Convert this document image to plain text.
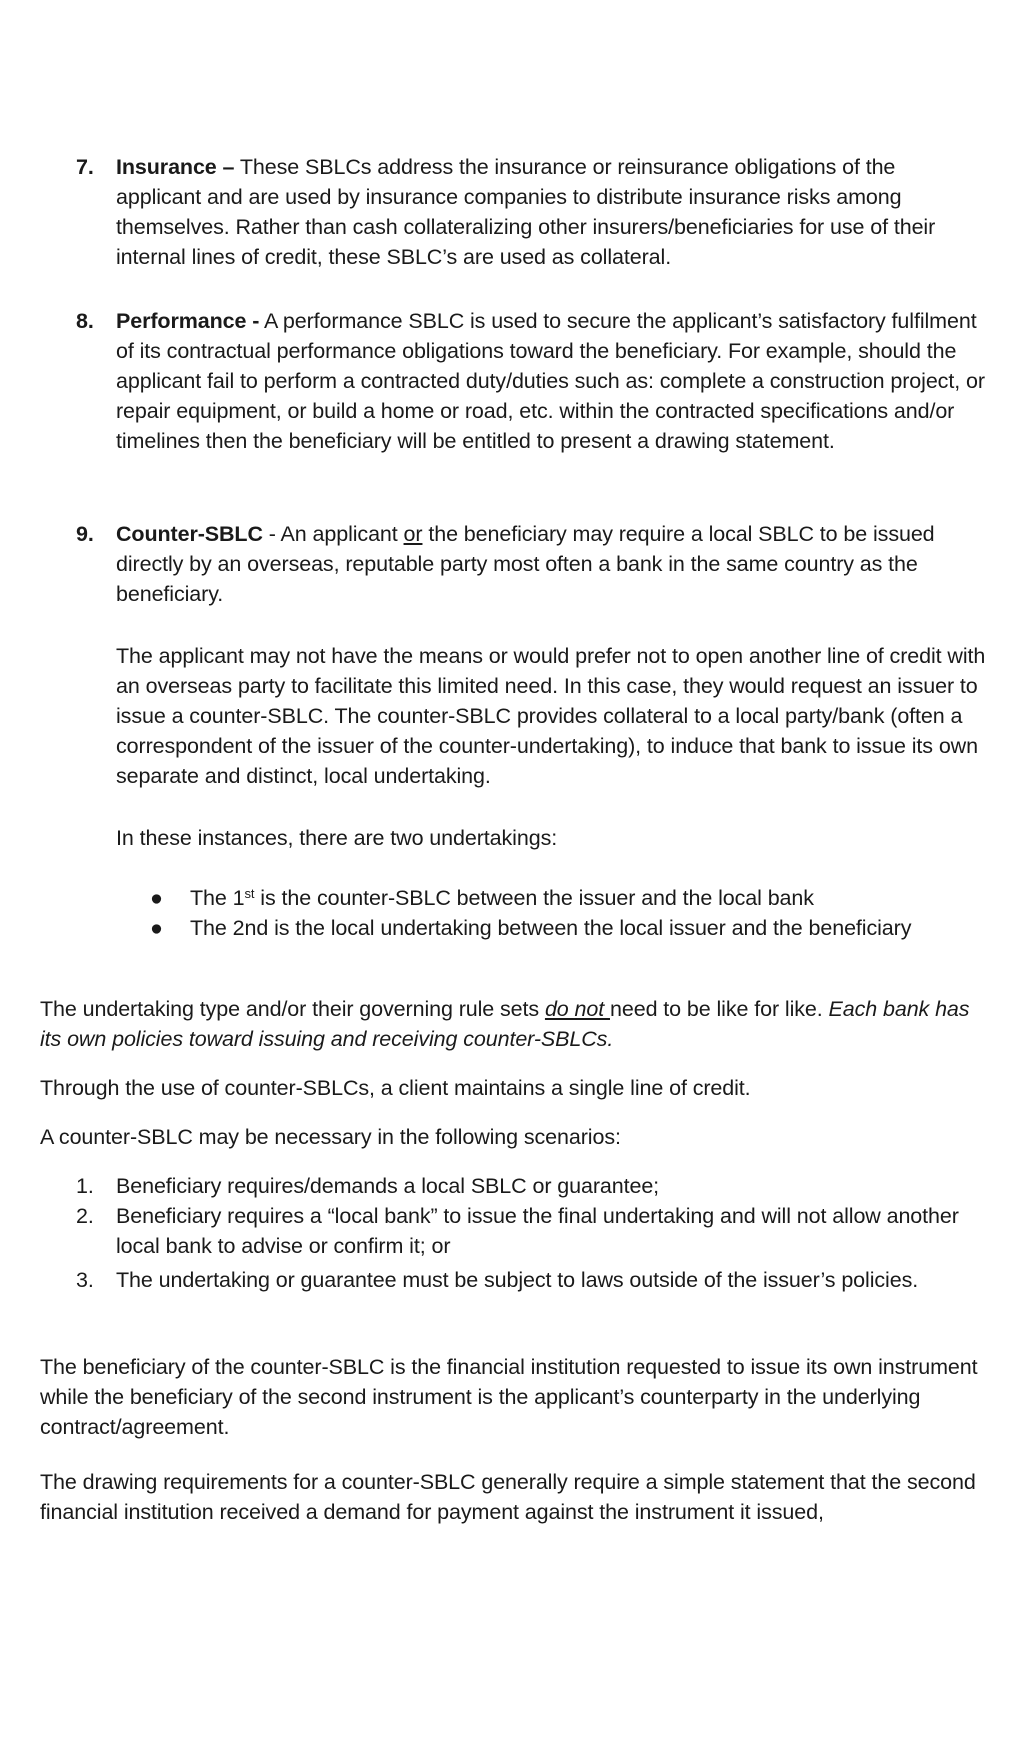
7.	Insurance – These SBLCs address the insurance or reinsurance obligations of the applicant and are used by insurance companies to distribute insurance risks among themselves. Rather than cash collateralizing other insurers/beneficiaries for use of their internal lines of credit, these SBLC’s are used as collateral.
8.	Performance - A performance SBLC is used to secure the applicant’s satisfactory fulfilment of its contractual performance obligations toward the beneficiary. For example, should the applicant fail to perform a contracted duty/duties such as: complete a construction project, or repair equipment, or build a home or road, etc. within the contracted specifications and/or timelines then the beneficiary will be entitled to present a drawing statement.
9.	Counter-SBLC - An applicant or the beneficiary may require a local SBLC to be issued directly by an overseas, reputable party most often a bank in the same country as the beneficiary.
The applicant may not have the means or would prefer not to open another line of credit with an overseas party to facilitate this limited need. In this case, they would request an issuer to issue a counter-SBLC. The counter-SBLC provides collateral to a local party/bank (often a correspondent of the issuer of the counter-undertaking), to induce that bank to issue its own separate and distinct, local undertaking.
In these instances, there are two undertakings:
● The 1st is the counter-SBLC between the issuer and the local bank
● The 2nd is the local undertaking between the local issuer and the beneficiary
The undertaking type and/or their governing rule sets do not need to be like for like. Each bank has its own policies toward issuing and receiving counter-SBLCs.
Through the use of counter-SBLCs, a client maintains a single line of credit.
A counter-SBLC may be necessary in the following scenarios:
1. Beneficiary requires/demands a local SBLC or guarantee;
2. Beneficiary requires a “local bank” to issue the final undertaking and will not allow another local bank to advise or confirm it; or
3. The undertaking or guarantee must be subject to laws outside of the issuer’s policies.
The beneficiary of the counter-SBLC is the financial institution requested to issue its own instrument while the beneficiary of the second instrument is the applicant’s counterparty in the underlying contract/agreement.
The drawing requirements for a counter-SBLC generally require a simple statement that the second financial institution received a demand for payment against the instrument it issued,
